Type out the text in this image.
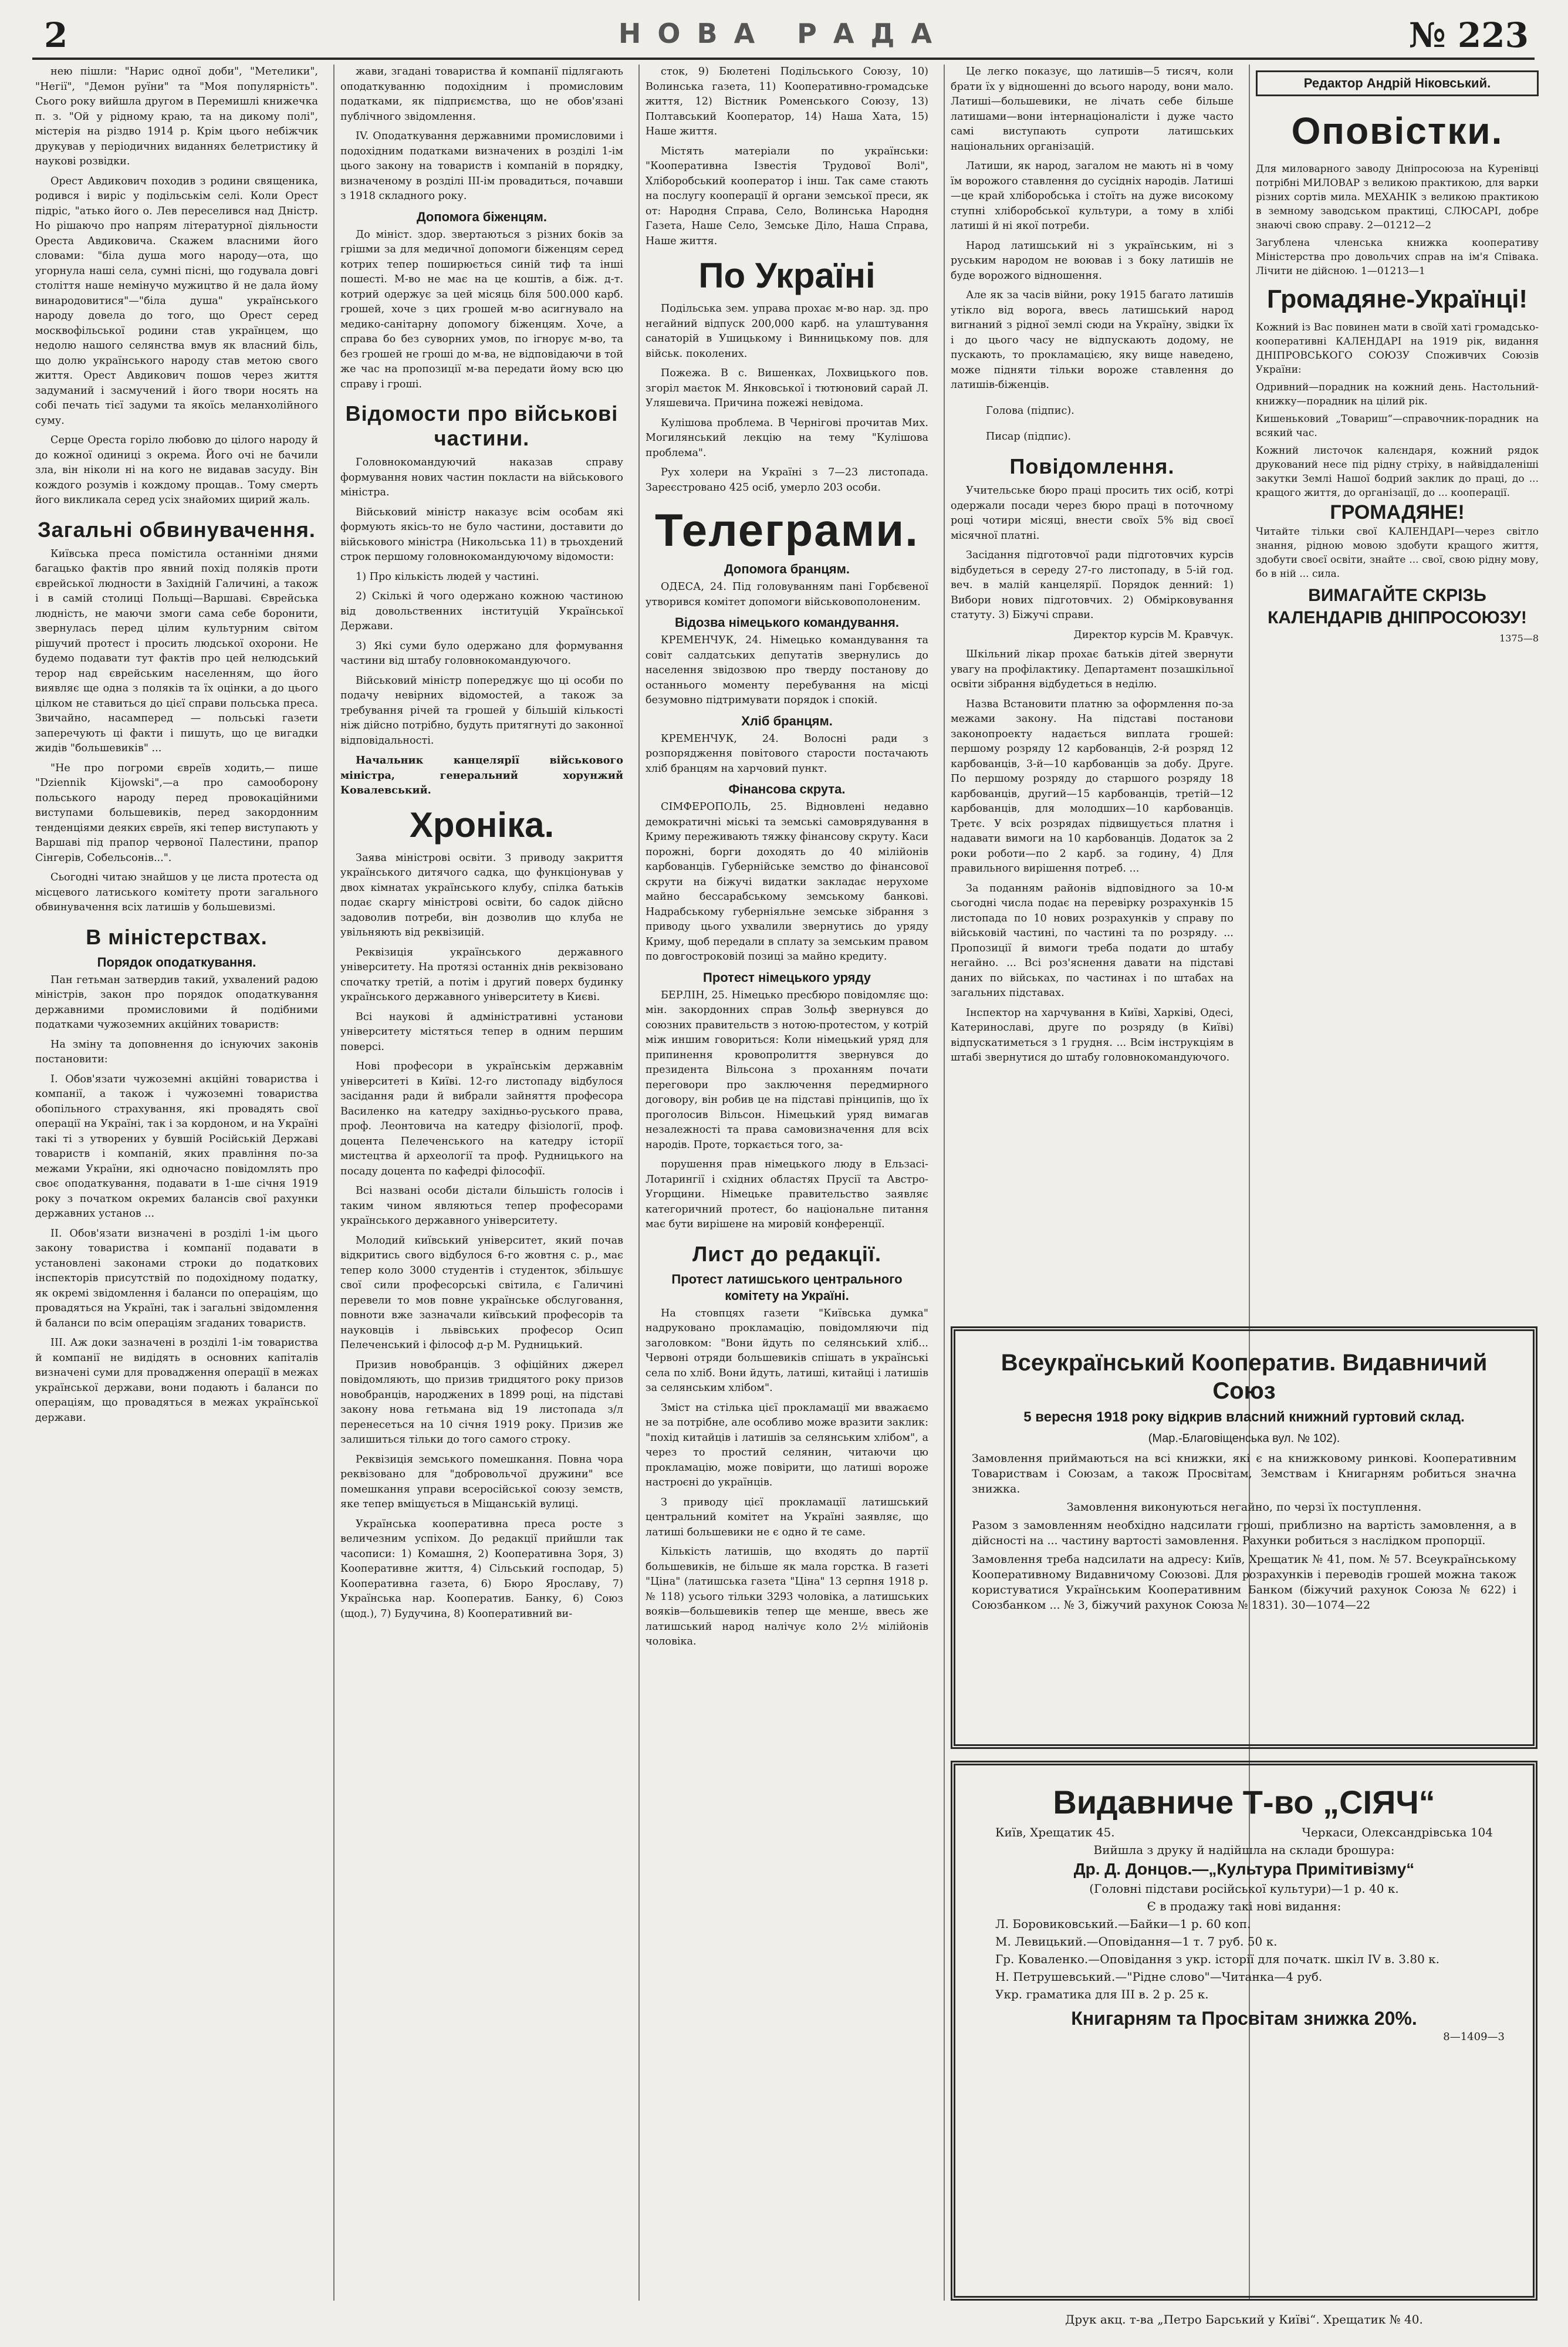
2	НОВА РАДА	№ 223

нею пішли: "Нарис одної доби", "Метелики", "Негії", "Демон руїни" та "Моя популярність". Сього року вийшла другом в Перемишлі книжечка п. з. "Ой у рідному краю, та на дикому полі", містерія на різдво 1914 р. Крім цього небіжчик друкував у періодичних виданнях белетристику й наукові розвідки.

Орест Авдикович походив з родини священика, родився і виріс у подільськім селі. Коли Орест підріс, "атько його о. Лев переселився над Дністр. Но рішаючо про напрям літературної діяльности Ореста Авдиковича. Скажем власними його словами: "біла душа мого народу—ота, що угорнула наші села, сумні пісні, що годувала довгі століття наше немінучо мужицтво й не дала йому винародовитися"—"біла душа" українського народу довела до того, що Орест серед москвофільської родини став українцем, що недолю нашого селянства вмув як власний біль, що долю українського народу став метою свого життя. Орест Авдикович пошов через життя задуманий і засмучений і його твори носять на собі печать тієї задуми та якоїсь меланхолійного суму.

Серце Ореста горіло любовю до цілого народу й до кожної одиниці з окрема. Його очі не бачили зла, він ніколи ні на кого не видавав засуду. Він кождого розумів і кождому прощав.. Тому смерть його викликала серед усіх знайомих щирий жаль.

Загальні обвинувачення.

Київська преса помістила останніми днями багацько фактів про явний похід поляків проти єврейської людности в Західній Галичині, а також і в самій столиці Польщі—Варшаві. Єврейська людність, не маючи змоги сама себе боронити, звернулась перед цілим культурним світом рішучий протест і просить людської охорони. Не будемо подавати тут фактів про цей нелюдський терор над єврейським населенням, що його виявляє ще одна з поляків та їх оцінки, а до цього цілком не ставиться до цієї справи польська преса. Звичайно, насамперед — польські газети заперечують ці факти і пишуть, що це вигадки жидів "большевиків" ...

"Не про погроми євреїв ходить,— пише "Dziennik Kijowski",—а про самооборону польського народу перед провокаційними виступами большевиків, перед закордонним тенденціями деяких євреїв, які тепер виступають у Варшаві під прапор червоної Палестини, прапор Сінгерів, Собельсонів...".

Сьогодні читаю знайшов у це листа протеста од місцевого латиського комітету проти загального обвинувачення всіх латишів у большевизмі.

В міністерствах.
Порядок оподаткування.

Пан гетьман затвердив такий, ухвалений радою міністрів, закон про порядок оподаткування державними промисловими й подібними податками чужоземних акційних товариств:

На зміну та доповнення до існуючих законів постановити:

I. Обов'язати чужоземні акційні товариства і компанії, а також і чужоземні товариства обопільного страхування, які провадять свої операції на Україні, так і за кордоном, и на Україні такі ті з утворених у бувшій Російській Державі товариств і компаній, яких правління по-за межами України, які одночасно повідомлять про своє оподаткування, подавати в 1-ше січня 1919 року з початком окремих балансів свої рахунки державних установ ...

II. Обов'язати визначені в розділі 1-ім цього закону товариства і компанії подавати в установлені законами строки до податкових інспекторів присутствій по подохідному податку, як окремі звідомлення і баланси по операціям, що провадяться на Україні, так і загальні звідомлення й баланси по всім операціям згаданих товариств.

III. Аж доки зазначені в розділі 1-ім товариства й компанії не видідять в основних капіталів визначені суми для провадження операції в межах української держави, вони подають і баланси по операціям, що провадяться в межах української держави.

жави, згадані товариства й компанії підлягають оподаткуванню подохідним і промисловим податками, як підприємства, що не обов'язані публічного звідомлення.

IV. Оподаткування державними промисловими і подохідним податками визначених в розділі 1-ім цього закону на товариств і компаній в порядку, визначеному в розділі III-ім провадиться, почавши з 1918 складного року.

Допомога біженцям.

До мініст. здор. звертаються з різних боків за грішми за для медичної допомоги біженцям серед котрих тепер поширюється синій тиф та інші пошесті. М-во не має на це коштів, а біж. д-т. котрий одержує за цей місяць біля 500.000 карб. грошей, хоче з цих грошей м-во асигнувало на медико-санітарну допомогу біженцям. Хоче, а справа бо без суворних умов, по ігнорує м-во, та без грошей не гроші до м-ва, не відповідаючи в той же час на пропозиції м-ва передати йому всю цю справу і гроші.

Відомости про військові частини.

Головнокомандуючий наказав справу формування нових частин покласти на військового міністра.

Військовий міністр наказує всім особам які формують якісь-то не було частини, доставити до військового міністра (Никольська 11) в трьохдений строк першому головнокомандуючому відомости:

1) Про кількість людей у частині.

2) Скількі й чого одержано кожною частиною від довольственних інституцій Української Держави.

3) Які суми було одержано для формування частини від штабу головнокомандуючого.

Військовий міністр попереджує що ці особи по подачу невірних відомостей, а також за требування річей та грошей у більшій кількості ніж дійсно потрібно, будуть притягнуті до законної відповідальності.

Начальник канцелярії військового міністра, генеральний хорунжий Ковалевський.

Хроніка.

Заява міністрові освіти. З приводу закриття українського дитячого садка, що функціонував у двох кімнатах українського клубу, спілка батьків подає скаргу міністрові освіти, бо садок дійсно задоволив потреби, він дозволив що клуба не увільняють від реквізицій.

Реквізиція українського державного університету. На протязі останніх днів реквізовано спочатку третій, а потім і другий поверх будинку українського державного університету в Києві.

Всі наукові й адміністративні установи університету містяться тепер в одним першим поверсі.

Нові професори в українськім державнім університеті в Київі. 12-го листопаду відбулося засідання ради й вибрали зайняття професора Василенко на катедру західньо-руського права, проф. Леонтовича на катедру фізіології, проф. доцента Пелеченського на катедру історії мистецтва й археології та проф. Рудницького на посаду доцента по кафедрі філософії.

Всі названі особи дістали більшість голосів і таким чином являються тепер професорами українського державного університету.

Молодий київський університет, який почав відкритись свого відбулося 6-го жовтня с. р., має тепер коло 3000 студентів і студенток, збільшує свої сили професорські світила, є Галичині перевели то мов повне українське обслуговання, повноти вже зазначали київський професорів та науковців і львівських професор Осип Пелеченський і філософ д-р М. Рудницький.

Призив новобранців. З офіційних джерел повідомляють, що призив тридцятого року призов новобранців, народжених в 1899 році, на підставі закону нова гетьмана від 19 листопада з/л перенесеться на 10 січня 1919 року. Призив же залишиться тільки до того самого строку.

Реквізиція земського помешкання. Повна чора реквізовано для "добровольчої дружини" все помешкання управи всеросійської союзу земств, яке тепер вміщується в Міщанській вулиці.

Українська кооперативна преса росте з величезним успіхом. До редакції прийшли так часописи: 1) Комашня, 2) Кооперативна Зоря, 3) Кооперативне життя, 4) Сільський господар, 5) Кооперативна газета, 6) Бюро Ярославу, 7) Українська нар. Кооператив. Банку, 6) Союз (щод.), 7) Будучина, 8) Кооперативний ви-

сток, 9) Бюлетені Подільського Союзу, 10) Волинська газета, 11) Кооперативно-громадське життя, 12) Вістник Роменського Союзу, 13) Полтавський Кооператор, 14) Наша Хата, 15) Наше життя.

Містять матеріали по українськи: "Кооперативна Ізвестія Трудової Волі", Хліборобський кооператор і інш. Так саме стають на послугу кооперації й органи земської преси, як от: Народня Справа, Село, Волинська Народня Газета, Наше Село, Земське Діло, Наша Справа, Наше життя.

По Україні

Подільська зем. управа прохає м-во нар. зд. про негайний відпуск 200,000 карб. на улаштування санаторій в Ушицькому і Винницькому пов. для військ. поколених.

Пожежа. В с. Вишенках, Лохвицького пов. згоріл маєток М. Янковської і тютюновий сарай Л. Уляшевича. Причина пожежі невідома.

Кулішова проблема. В Чернігові прочитав Мих. Могилянський лекцію на тему "Кулішова проблема".

Рух холери на Україні з 7—23 листопада. Зареєстровано 425 осіб, умерло 203 особи.

Телеграми.
Допомога бранцям.

ОДЕСА, 24. Під головуванням пані Горбєвеної утворився комітет допомоги військовополоненим.

Відозва німецького командування.

КРЕМЕНЧУК, 24. Німецько командування та совіт салдатських депутатів звернулись до населення звідозвою про тверду постанову до останнього моменту перебування на місці безумовно підтримувати порядок і спокій.

Хліб бранцям.

КРЕМЕНЧУК, 24. Волосні ради з розпорядження повітового старости постачають хліб бранцям на харчовий пункт.

Фінансова скрута.

СІМФЕРОПОЛЬ, 25. Відновлені недавно демократичні міські та земські самоврядування в Криму переживають тяжку фінансову скруту. Каси порожні, борги доходять до 40 мілійонів карбованців. Губернійське земство до фінансової скрути на біжучі видатки закладає нерухоме майно бессарабському земському банкові. Надрабському губерніяльне земське зібрання з приводу цього ухвалили звернутись до уряду Криму, щоб передали в сплату за земським правом по довгостроковій позиці за майно кредиту.

Протест німецького уряду

БЕРЛІН, 25. Німецько пресбюро повідомляє що: мін. закордонних справ Зольф звернувся до союзних правительств з нотою-протестом, у котрій між иншим говориться: Коли німецький уряд для припинення кровопролиття звернувся до президента Вільсона з проханням почати переговори про заключення передмирного договору, він робив це на підставі прінципів, що їх проголосив Вільсон. Німецький уряд вимагав незалежності та права самовизначення для всіх народів. Проте, торкається того, за-

порушення прав німецького люду в Ельзасі-Лотарингії і східних областях Прусії та Австро-Угорщини. Німецьке правительство заявляє категоричний протест, бо національне питання має бути вирішене на мировій конференції.

Лист до редакції.
Протест латишського центрального комітету на Україні.

На стовпцях газети "Київська думка" надруковано прокламацію, повідомляючи під заголовком: "Вони йдуть по селянський хліб... Червоні отряди большевиків спішать в українські села по хліб. Вони йдуть, латиші, китайці і латишів за селянським хлібом".

Зміст на стілька цієї прокламації ми вважаємо не за потрібне, але особливо може вразити заклик: "похід китайців і латишів за селянським хлібом", а через то простий селянин, читаючи цю прокламацію, може повірити, що латиші вороже настроєні до українців.

З приводу цієї прокламації латишський центральний комітет на Україні заявляє, що латиші большевики не є одно й те саме.

Кількість латишів, що входять до партії большевиків, не більше як мала горстка. В газеті "Ціна" (латишська газета "Ціна" 13 серпня 1918 р. № 118) усього тільки 3293 чоловіка, а латишських вояків—большевиків тепер ще менше, ввесь же латишський народ налічує коло 2½ мілійонів чоловіка.

Це легко показує, що латишів—5 тисяч, коли брати їх у відношенні до всього народу, вони мало. Латиші—большевики, не лічать себе більше латишами—вони інтернаціоналісти і дуже часто самі виступають супроти латишських національних організацій.

Латиши, як народ, загалом не мають ні в чому їм ворожого ставлення до сусідніх народів. Латиші—це край хліборобська і стоїть на дуже високому ступні хліборобської культури, а тому в хлібі латиші й ні якої потреби.

Народ латишський ні з українським, ні з руським народом не воював і з боку латишів не буде ворожого відношення.

Але як за часів війни, року 1915 багато латишів утікло від ворога, ввесь латишський народ вигнаний з рідної землі сюди на Україну, звідки їх і до цього часу не відпускають додому, не пускають, то прокламацією, яку вище наведено, може підняти тільки вороже ставлення до латишів-біженців.

Голова (підпис).

Писар (підпис).

Повідомлення.

Учительське бюро праці просить тих осіб, котрі одержали посади через бюро праці в поточному році чотири місяці, внести своїх 5% від своєї місячної платні.

Засідання підготовчої ради підготовчих курсів відбудеться в середу 27-го листопаду, в 5-ій год. веч. в малій канцелярії. Порядок денний: 1) Вибори нових підготовчих. 2) Обмірковування статуту. 3) Біжучі справи.

Директор курсів М. Кравчук.

Шкільний лікар прохає батьків дітей звернути увагу на профілактику. Департамент позашкільної освіти зібрання відбудеться в неділю.

Назва Встановити платню за оформлення по-за межами закону. На підставі постанови законопроекту надається виплата грошей: першому розряду 12 карбованців, 2-й розряд 12 карбованців, 3-й—10 карбованців за добу. Друге. По першому розряду до старшого розряду 18 карбованців, другий—15 карбованців, третій—12 карбованців, для молодших—10 карбованців. Третє. У всіх розрядах підвищується платня і надавати вимоги на 10 карбованців. Додаток за 2 роки роботи—по 2 карб. за годину, 4) Для правильного вирішення потреб. ...

За поданням районів відповідного за 10-м сьогодні числа подає на перевірку розрахунків 15 листопада по 10 нових розрахунків у справу по військовій частині, по частині та по розряду. ... Пропозиції й вимоги треба подати до штабу негайно. ... Всі роз'яснення давати на підставі даних по військах, по частинах і по штабах на загальних підставах.

Інспектор на харчування в Київі, Харківі, Одесі, Катеринославі, друге по розряду (в Київі) відпускатиметься з 1 грудня. ... Всім інструкціям в штабі звернутися до штабу головнокомандуючого.

Редактор Андрій Ніковський.
Оповістки.

Для миловарного заводу Дніпросоюза на Куренівці потрібні МИЛОВАР з великою практикою, для варки різних сортів мила. МЕХАНІК з великою практикою в земному заводськом практиці, СЛЮСАРІ, добре знаючі свою справу. 2—01212—2

Загублена членська книжка кооперативу Міністерства про довольчих справ на ім'я Співака. Лічити не дійсною. 1—01213—1

Громадяне-Українці!

Кожний із Вас повинен мати в своїй хаті громадсько-кооперативні КАЛЕНДАРІ на 1919 рік, видання ДНІПРОВСЬКОГО СОЮЗУ Споживчих Союзів України:

Одривний—порадник на кожний день. Настольний-книжку—порадник на цілий рік.

Кишеньковий „Товариш“—справочник-порадник на всякий час.

Кожний листочок калєндаря, кожний рядок друкований несе під рідну стріху, в найвіддаленіші закутки Землі Нашої бодрий заклик до праці, до ... кращого життя, до організації, до ... кооперації.

ГРОМАДЯНЕ!

Читайте тільки свої КАЛЕНДАРІ—через світло знання, рідною мовою здобути кращого життя, здобути своєї освіти, знайте ... свої, свою рідну мову, бо в ній ... сила.

ВИМАГАЙТЕ СКРІЗЬ КАЛЕНДАРІВ ДНІПРОСОЮЗУ!
1375—8
Всеукраїнський Кооператив. Видавничий Союз
5 вересня 1918 року відкрив власний книжний гуртовий склад.
(Мар.-Благовіщенська вул. № 102).

Замовлення приймаються на всі книжки, які є на книжковому ринкові. Кооперативним Товариствам і Союзам, а також Просвітам, Земствам і Книгарням робиться значна знижка.

Замовлення виконуються негайно, по черзі їх поступлення.

Разом з замовленням необхідно надсилати гроші, приблизно на вартість замовлення, а в дійсності на ... частину вартості замовлення. Рахунки робиться з наслідком пропорції.

Замовлення треба надсилати на адресу: Київ, Хрещатик № 41, пом. № 57. Всеукраїнському Кооперативному Видавничому Союзові. Для розрахунків і переводів грошей можна також користуватися Українським Кооперативним Банком (біжучий рахунок Союза № 622) і Союзбанком ... № 3, біжучий рахунок Союза № 1831). 30—1074—22

Видавниче Т-во „СІЯЧ“
Київ, Хрещатик 45.	Черкаси, Олександрівська 104

Вийшла з друку й надійшла на склади брошура:

Др. Д. Донцов.—„Культура Примітивізму“

(Головні підстави російської культури)—1 р. 40 к.

Є в продажу такі нові видання:

Л. Боровиковський.—Байки—1 р. 60 коп.

М. Левицький.—Оповідання—1 т. 7 руб. 50 к.

Гр. Коваленко.—Оповідання з укр. історії для початк. шкіл IV в. 3.80 к.

Н. Петрушевський.—"Рідне слово"—Читанка—4 руб.

Укр. граматика для III в. 2 р. 25 к.

Книгарням та Просвітам знижка 20%.
8—1409—3
Друк акц. т-ва „Петро Барський у Київі“. Хрещатик № 40.
